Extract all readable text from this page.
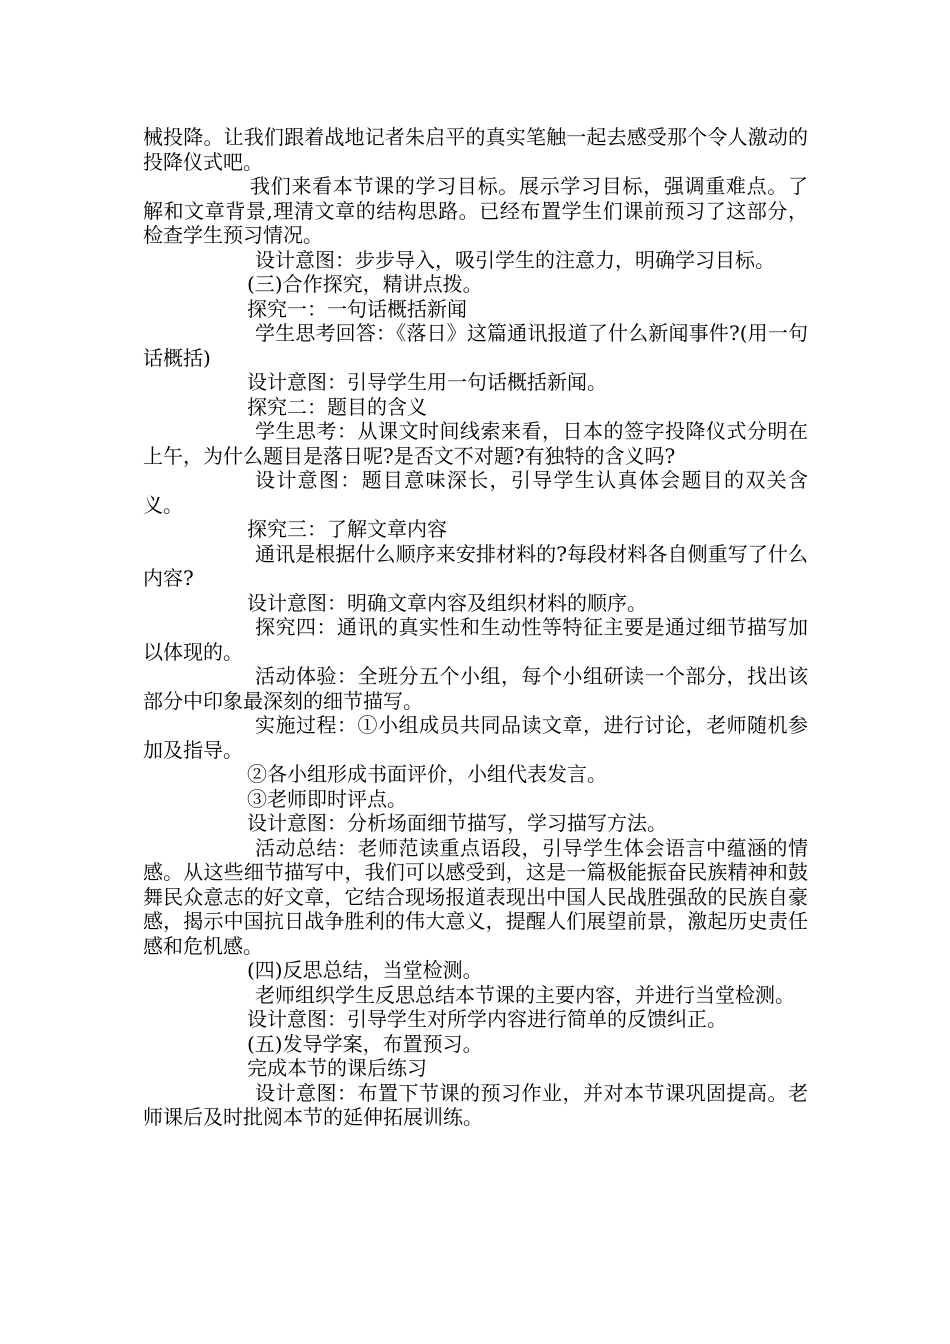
械投降。让我们跟着战地记者朱启平的真实笔触一起去感受那个令人激动的投降仪式吧。

我们来看本节课的学习目标。展示学习目标，强调重难点。了解和文章背景,理清文章的结构思路。已经布置学生们课前预习了这部分，检查学生预习情况。

设计意图：步步导入，吸引学生的注意力，明确学习目标。

(三)合作探究，精讲点拨。

探究一：一句话概括新闻

学生思考回答：《落日》这篇通讯报道了什么新闻事件?(用一句话概括)

设计意图：引导学生用一句话概括新闻。

探究二：题目的含义

学生思考：从课文时间线索来看，日本的签字投降仪式分明在上午，为什么题目是落日呢?是否文不对题?有独特的含义吗?

设计意图：题目意味深长，引导学生认真体会题目的双关含义。

探究三：了解文章内容

通讯是根据什么顺序来安排材料的?每段材料各自侧重写了什么内容?

设计意图：明确文章内容及组织材料的顺序。

探究四：通讯的真实性和生动性等特征主要是通过细节描写加以体现的。

活动体验：全班分五个小组，每个小组研读一个部分，找出该部分中印象最深刻的细节描写。

实施过程：①小组成员共同品读文章，进行讨论，老师随机参加及指导。

②各小组形成书面评价，小组代表发言。

③老师即时评点。

设计意图：分析场面细节描写，学习描写方法。

活动总结：老师范读重点语段，引导学生体会语言中蕴涵的情感。从这些细节描写中，我们可以感受到，这是一篇极能振奋民族精神和鼓舞民众意志的好文章，它结合现场报道表现出中国人民战胜强敌的民族自豪感，揭示中国抗日战争胜利的伟大意义，提醒人们展望前景，激起历史责任感和危机感。

(四)反思总结，当堂检测。

老师组织学生反思总结本节课的主要内容，并进行当堂检测。

设计意图：引导学生对所学内容进行简单的反馈纠正。

(五)发导学案，布置预习。

完成本节的课后练习

设计意图：布置下节课的预习作业，并对本节课巩固提高。老师课后及时批阅本节的延伸拓展训练。
